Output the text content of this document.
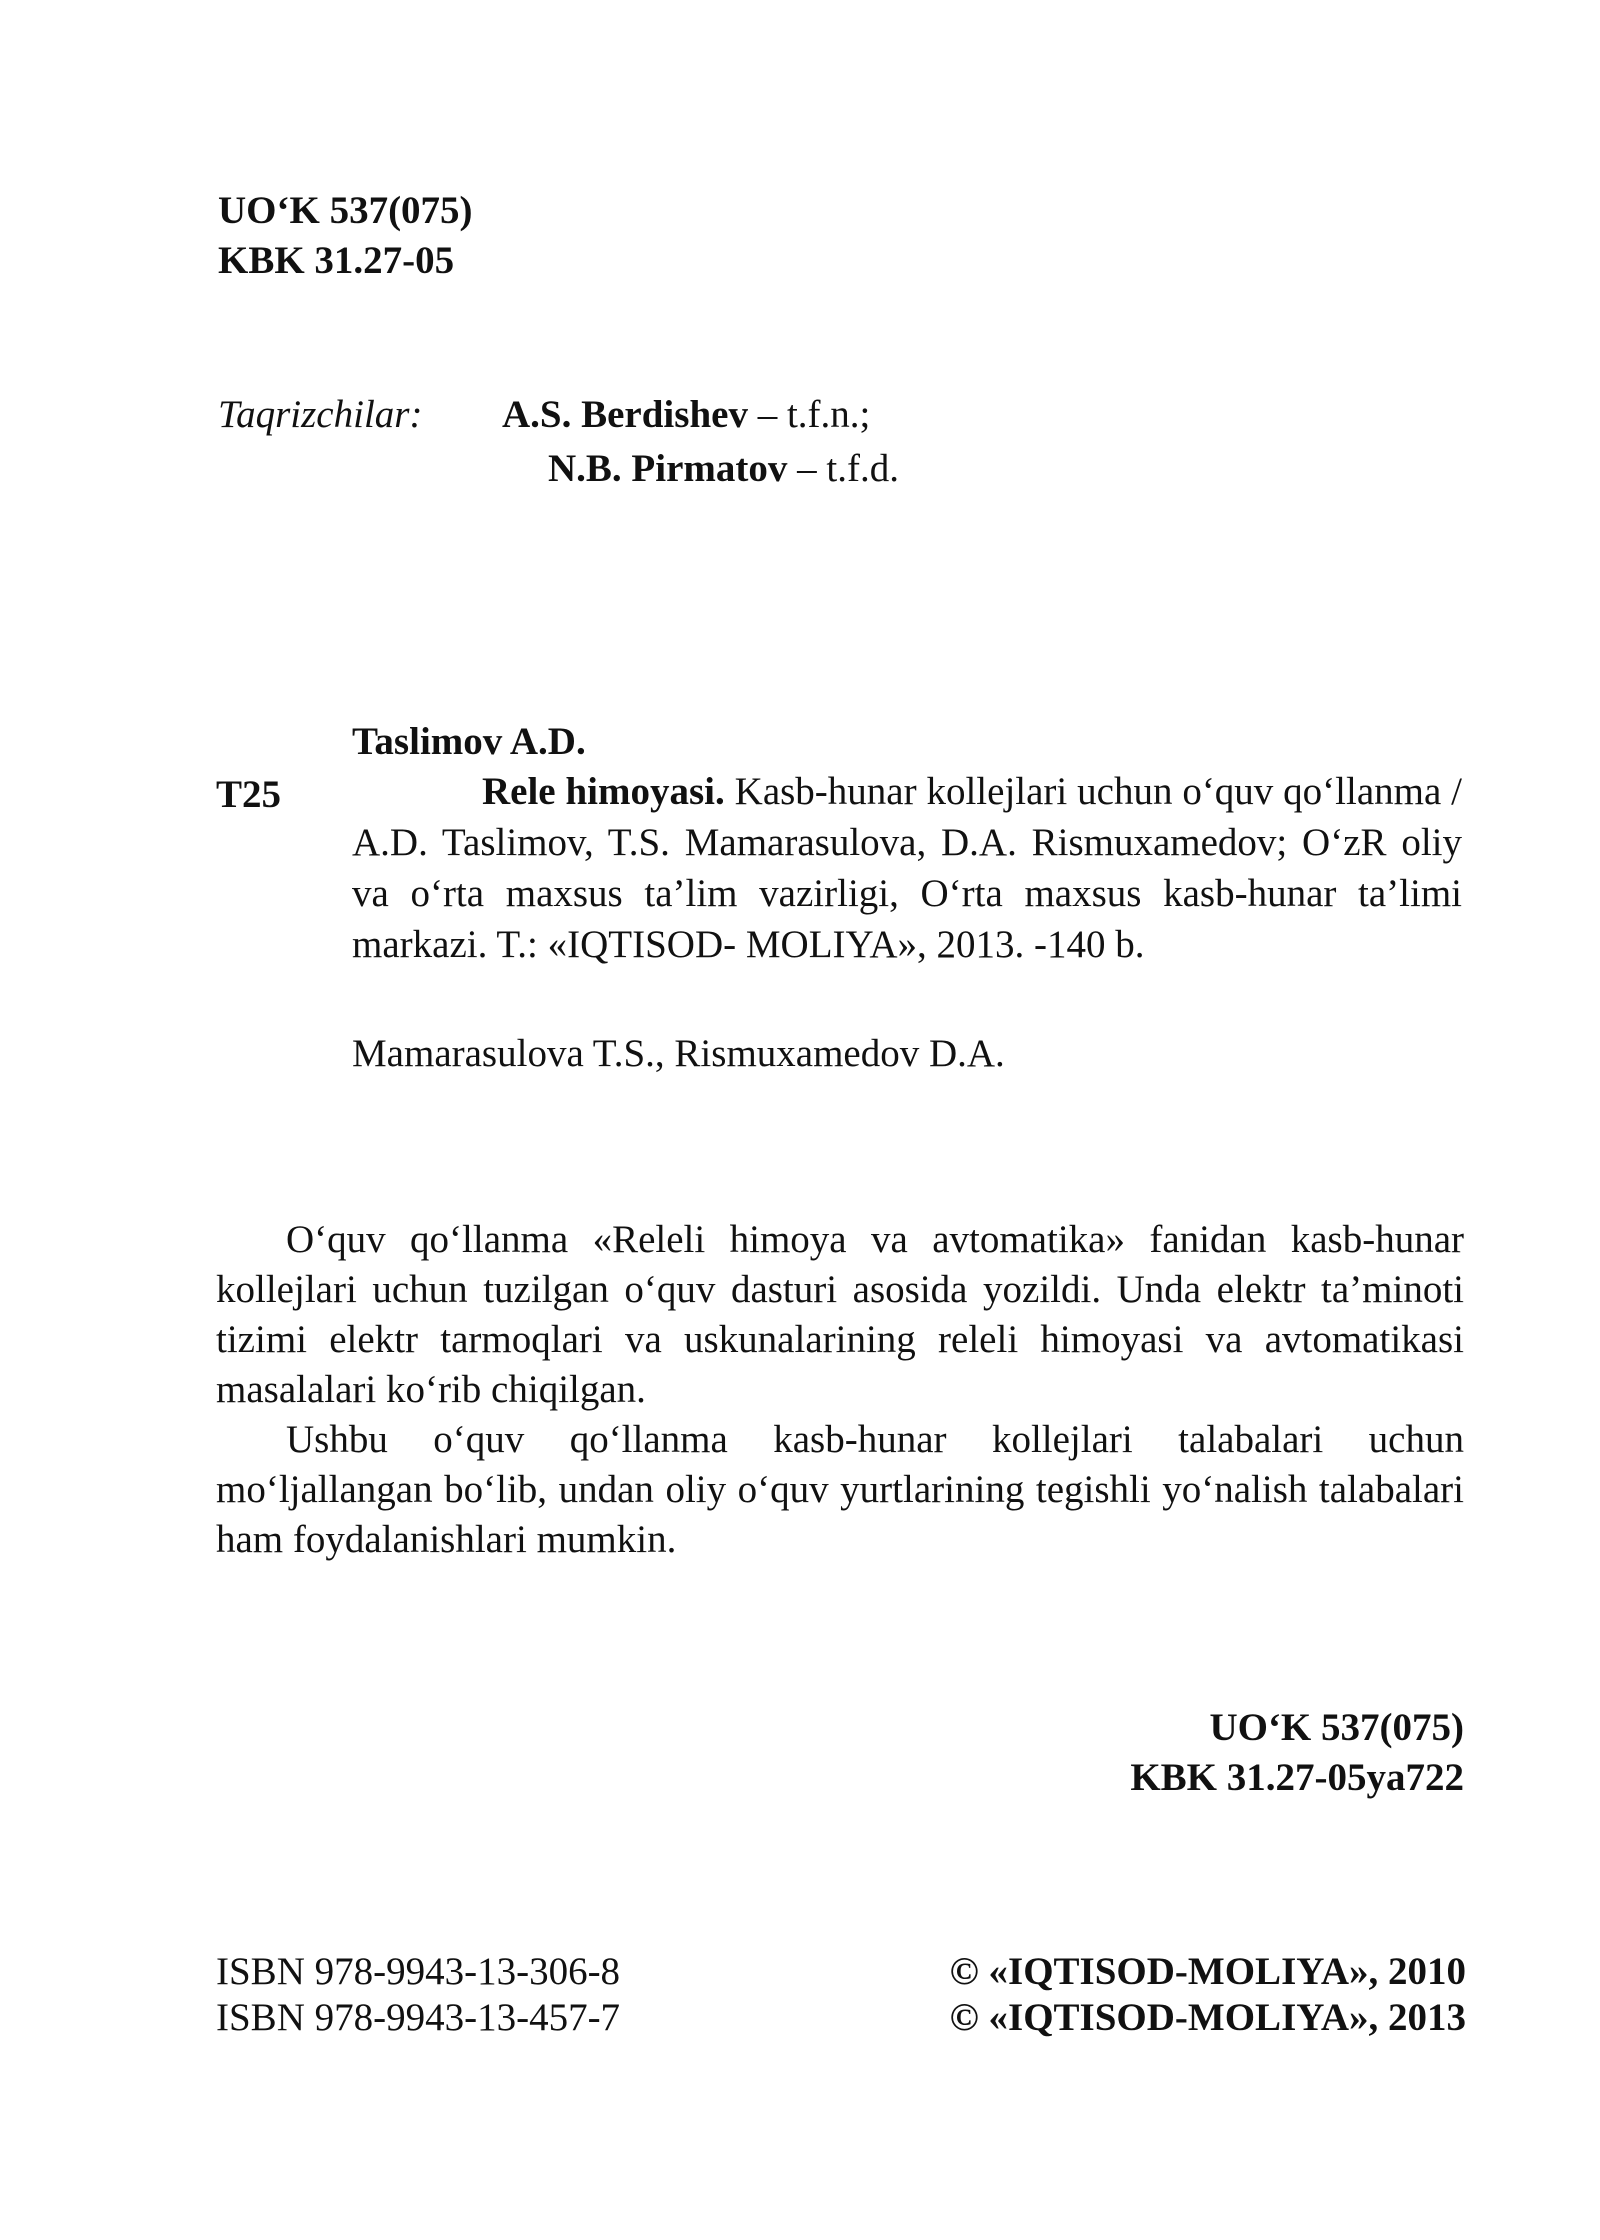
UO‘K 537(075)
KBK 31.27-05
Taqrizchilar: A.S. Berdishev – t.f.n.;
N.B. Pirmatov – t.f.d.
T25
Taslimov A.D.
Rele himoyasi. Kasb-hunar kollejlari uchun o‘quv qo‘llanma / A.D. Taslimov, T.S. Mamarasulova, D.A. Rismuxamedov; O‘zR oliy va o‘rta maxsus ta’lim vazirligi, O‘rta maxsus kasb-hunar ta’limi markazi. T.: «IQTISOD- MOLIYA», 2013. -140 b.
Mamarasulova T.S., Rismuxamedov D.A.

O‘quv qo‘llanma «Releli himoya va avtomatika» fanidan kasb-hunar kollejlari uchun tuzilgan o‘quv dasturi asosida yozildi. Unda elektr ta’minoti tizimi elektr tarmoqlari va uskunalarining releli himoyasi va avtomatikasi masalalari ko‘rib chiqilgan.

Ushbu o‘quv qo‘llanma kasb-hunar kollejlari talabalari uchun mo‘ljallangan bo‘lib, undan oliy o‘quv yurtlarining tegishli yo‘nalish talabalari ham foydalanishlari mumkin.

UO‘K 537(075)
KBK 31.27-05ya722
ISBN 978-9943-13-306-8
ISBN 978-9943-13-457-7
© «IQTISOD-MOLIYA», 2010
© «IQTISOD-MOLIYA», 2013
